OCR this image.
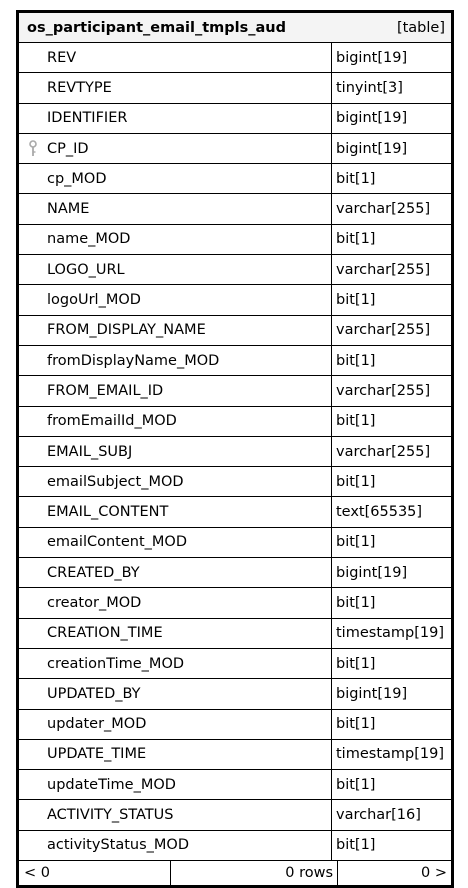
os_participant_email_tmpls_aud	[table]
REV	bigint[19]
REVTYPE	tinyint[3]
IDENTIFIER	bigint[19]
CP_ID	bigint[19]
cp_MOD	bit[1]
NAME	varchar[255]
name_MOD	bit[1]
LOGO_URL	varchar[255]
logoUrl_MOD	bit[1]
FROM_DISPLAY_NAME	varchar[255]
fromDisplayName_MOD	bit[1]
FROM_EMAIL_ID	varchar[255]
fromEmailId_MOD	bit[1]
EMAIL_SUBJ	varchar[255]
emailSubject_MOD	bit[1]
EMAIL_CONTENT	text[65535]
emailContent_MOD	bit[1]
CREATED_BY	bigint[19]
creator_MOD	bit[1]
CREATION_TIME	timestamp[19]
creationTime_MOD	bit[1]
UPDATED_BY	bigint[19]
updater_MOD	bit[1]
UPDATE_TIME	timestamp[19]
updateTime_MOD	bit[1]
ACTIVITY_STATUS	varchar[16]
activityStatus_MOD	bit[1]
< 0	0 rows	0 >
